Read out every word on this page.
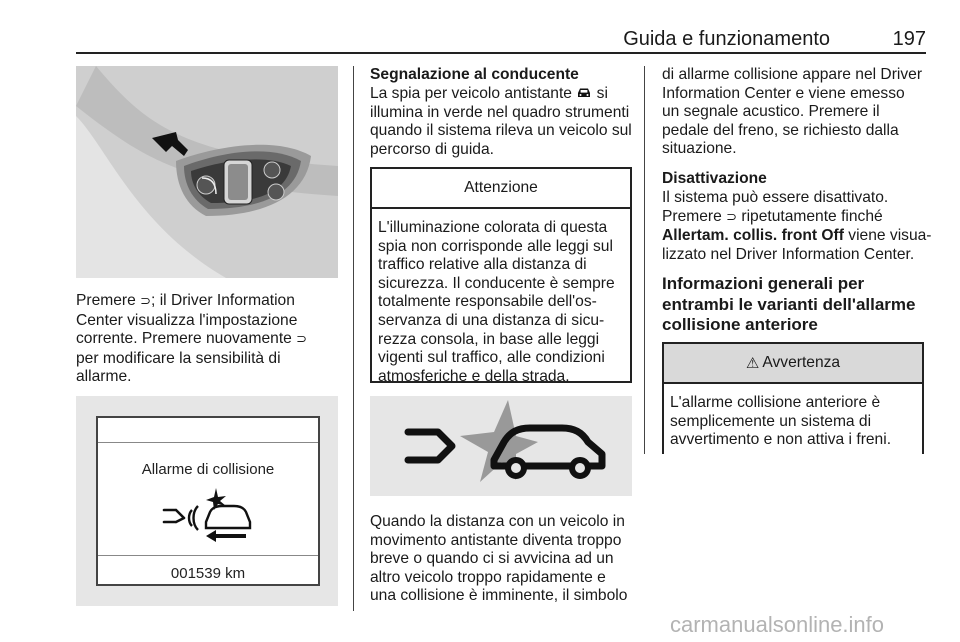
Guida e funzionamento	197
Premere ⊃; il Driver Information
Center visualizza l'impostazione
corrente. Premere nuovamente ⊃
per modificare la sensibilità di
allarme.
Allarme di collisione
001539 km
Segnalazione al conducente
La spia per veicolo antistante  si
illumina in verde nel quadro strumenti
quando il sistema rileva un veicolo sul
percorso di guida.
Attenzione
L'illuminazione colorata di questa
spia non corrisponde alle leggi sul
traffico relative alla distanza di
sicurezza. Il conducente è sempre
totalmente responsabile dell'os-
servanza di una distanza di sicu-
rezza consola, in base alle leggi
vigenti sul traffico, alle condizioni
atmosferiche e della strada.
Quando la distanza con un veicolo in
movimento antistante diventa troppo
breve o quando ci si avvicina ad un
altro veicolo troppo rapidamente e
una collisione è imminente, il simbolo
di allarme collisione appare nel Driver
Information Center e viene emesso
un segnale acustico. Premere il
pedale del freno, se richiesto dalla
situazione.
Disattivazione
Il sistema può essere disattivato.
Premere ⊃ ripetutamente finché
Allertam. collis. front Off viene visua-
lizzato nel Driver Information Center.
Informazioni generali per
entrambi le varianti dell'allarme
collisione anteriore
⚠ Avvertenza
L'allarme collisione anteriore è
semplicemente un sistema di
avvertimento e non attiva i freni.
carmanualsonline.info
